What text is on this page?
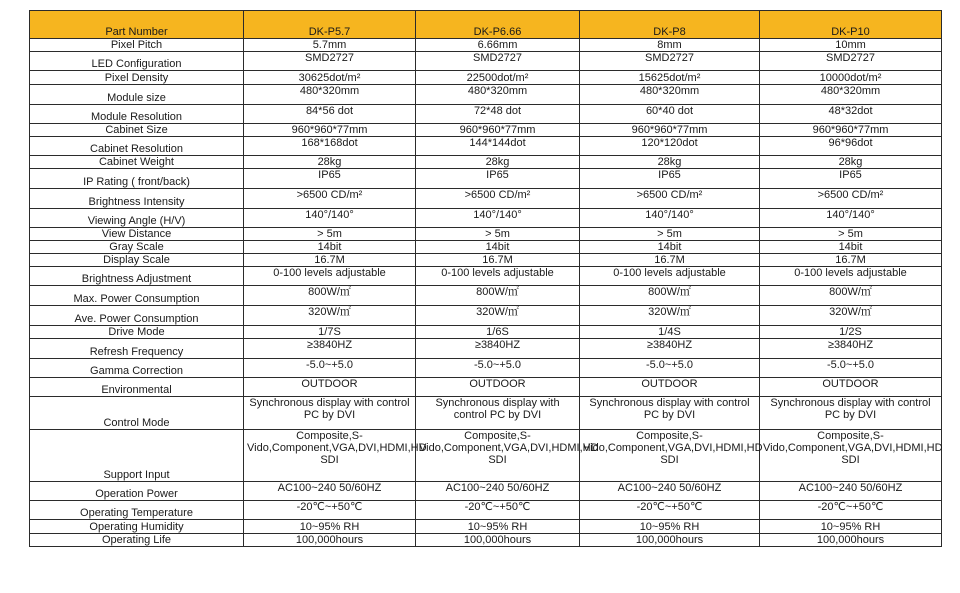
Part Number	DK-P5.7	DK-P6.66	DK-P8	DK-P10
Pixel Pitch	5.7mm	6.66mm	8mm	10mm
LED Configuration	SMD2727	SMD2727	SMD2727	SMD2727
Pixel Density	30625dot/m²	22500dot/m²	15625dot/m²	10000dot/m²
Module size	480*320mm	480*320mm	480*320mm	480*320mm
Module Resolution	84*56 dot	72*48 dot	60*40 dot	48*32dot
Cabinet Size	960*960*77mm	960*960*77mm	960*960*77mm	960*960*77mm
Cabinet Resolution	168*168dot	144*144dot	120*120dot	96*96dot
Cabinet Weight	28kg	28kg	28kg	28kg
IP Rating ( front/back)	IP65	IP65	IP65	IP65
Brightness Intensity	>6500 CD/m²	>6500 CD/m²	>6500 CD/m²	>6500 CD/m²
Viewing Angle (H/V)	140°/140°	140°/140°	140°/140°	140°/140°
View Distance	> 5m	> 5m	> 5m	> 5m
Gray Scale	14bit	14bit	14bit	14bit
Display Scale	16.7M	16.7M	16.7M	16.7M
Brightness Adjustment	0-100 levels adjustable	0-100 levels adjustable	0-100 levels adjustable	0-100 levels adjustable
Max. Power Consumption	800W/㎡	800W/㎡	800W/㎡	800W/㎡
Ave. Power Consumption	320W/㎡	320W/㎡	320W/㎡	320W/㎡
Drive Mode	1/7S	1/6S	1/4S	1/2S
Refresh Frequency	≥3840HZ	≥3840HZ	≥3840HZ	≥3840HZ
Gamma Correction	-5.0~+5.0	-5.0~+5.0	-5.0~+5.0	-5.0~+5.0
Environmental	OUTDOOR	OUTDOOR	OUTDOOR	OUTDOOR
Control Mode	Synchronous display with control PC by DVI	Synchronous display with control PC by DVI	Synchronous display with control PC by DVI	Synchronous display with control PC by DVI
Support Input	Composite,S-Vido,Component,VGA,DVI,HDMI,HD SDI	Composite,S-Vido,Component,VGA,DVI,HDMI,HD SDI	Composite,S-Vido,Component,VGA,DVI,HDMI,HD SDI	Composite,S-Vido,Component,VGA,DVI,HDMI,HD SDI
Operation Power	AC100~240 50/60HZ	AC100~240 50/60HZ	AC100~240 50/60HZ	AC100~240 50/60HZ
Operating Temperature	-20℃~+50℃	-20℃~+50℃	-20℃~+50℃	-20℃~+50℃
Operating Humidity	10~95% RH	10~95% RH	10~95% RH	10~95% RH
Operating Life	100,000hours	100,000hours	100,000hours	100,000hours
